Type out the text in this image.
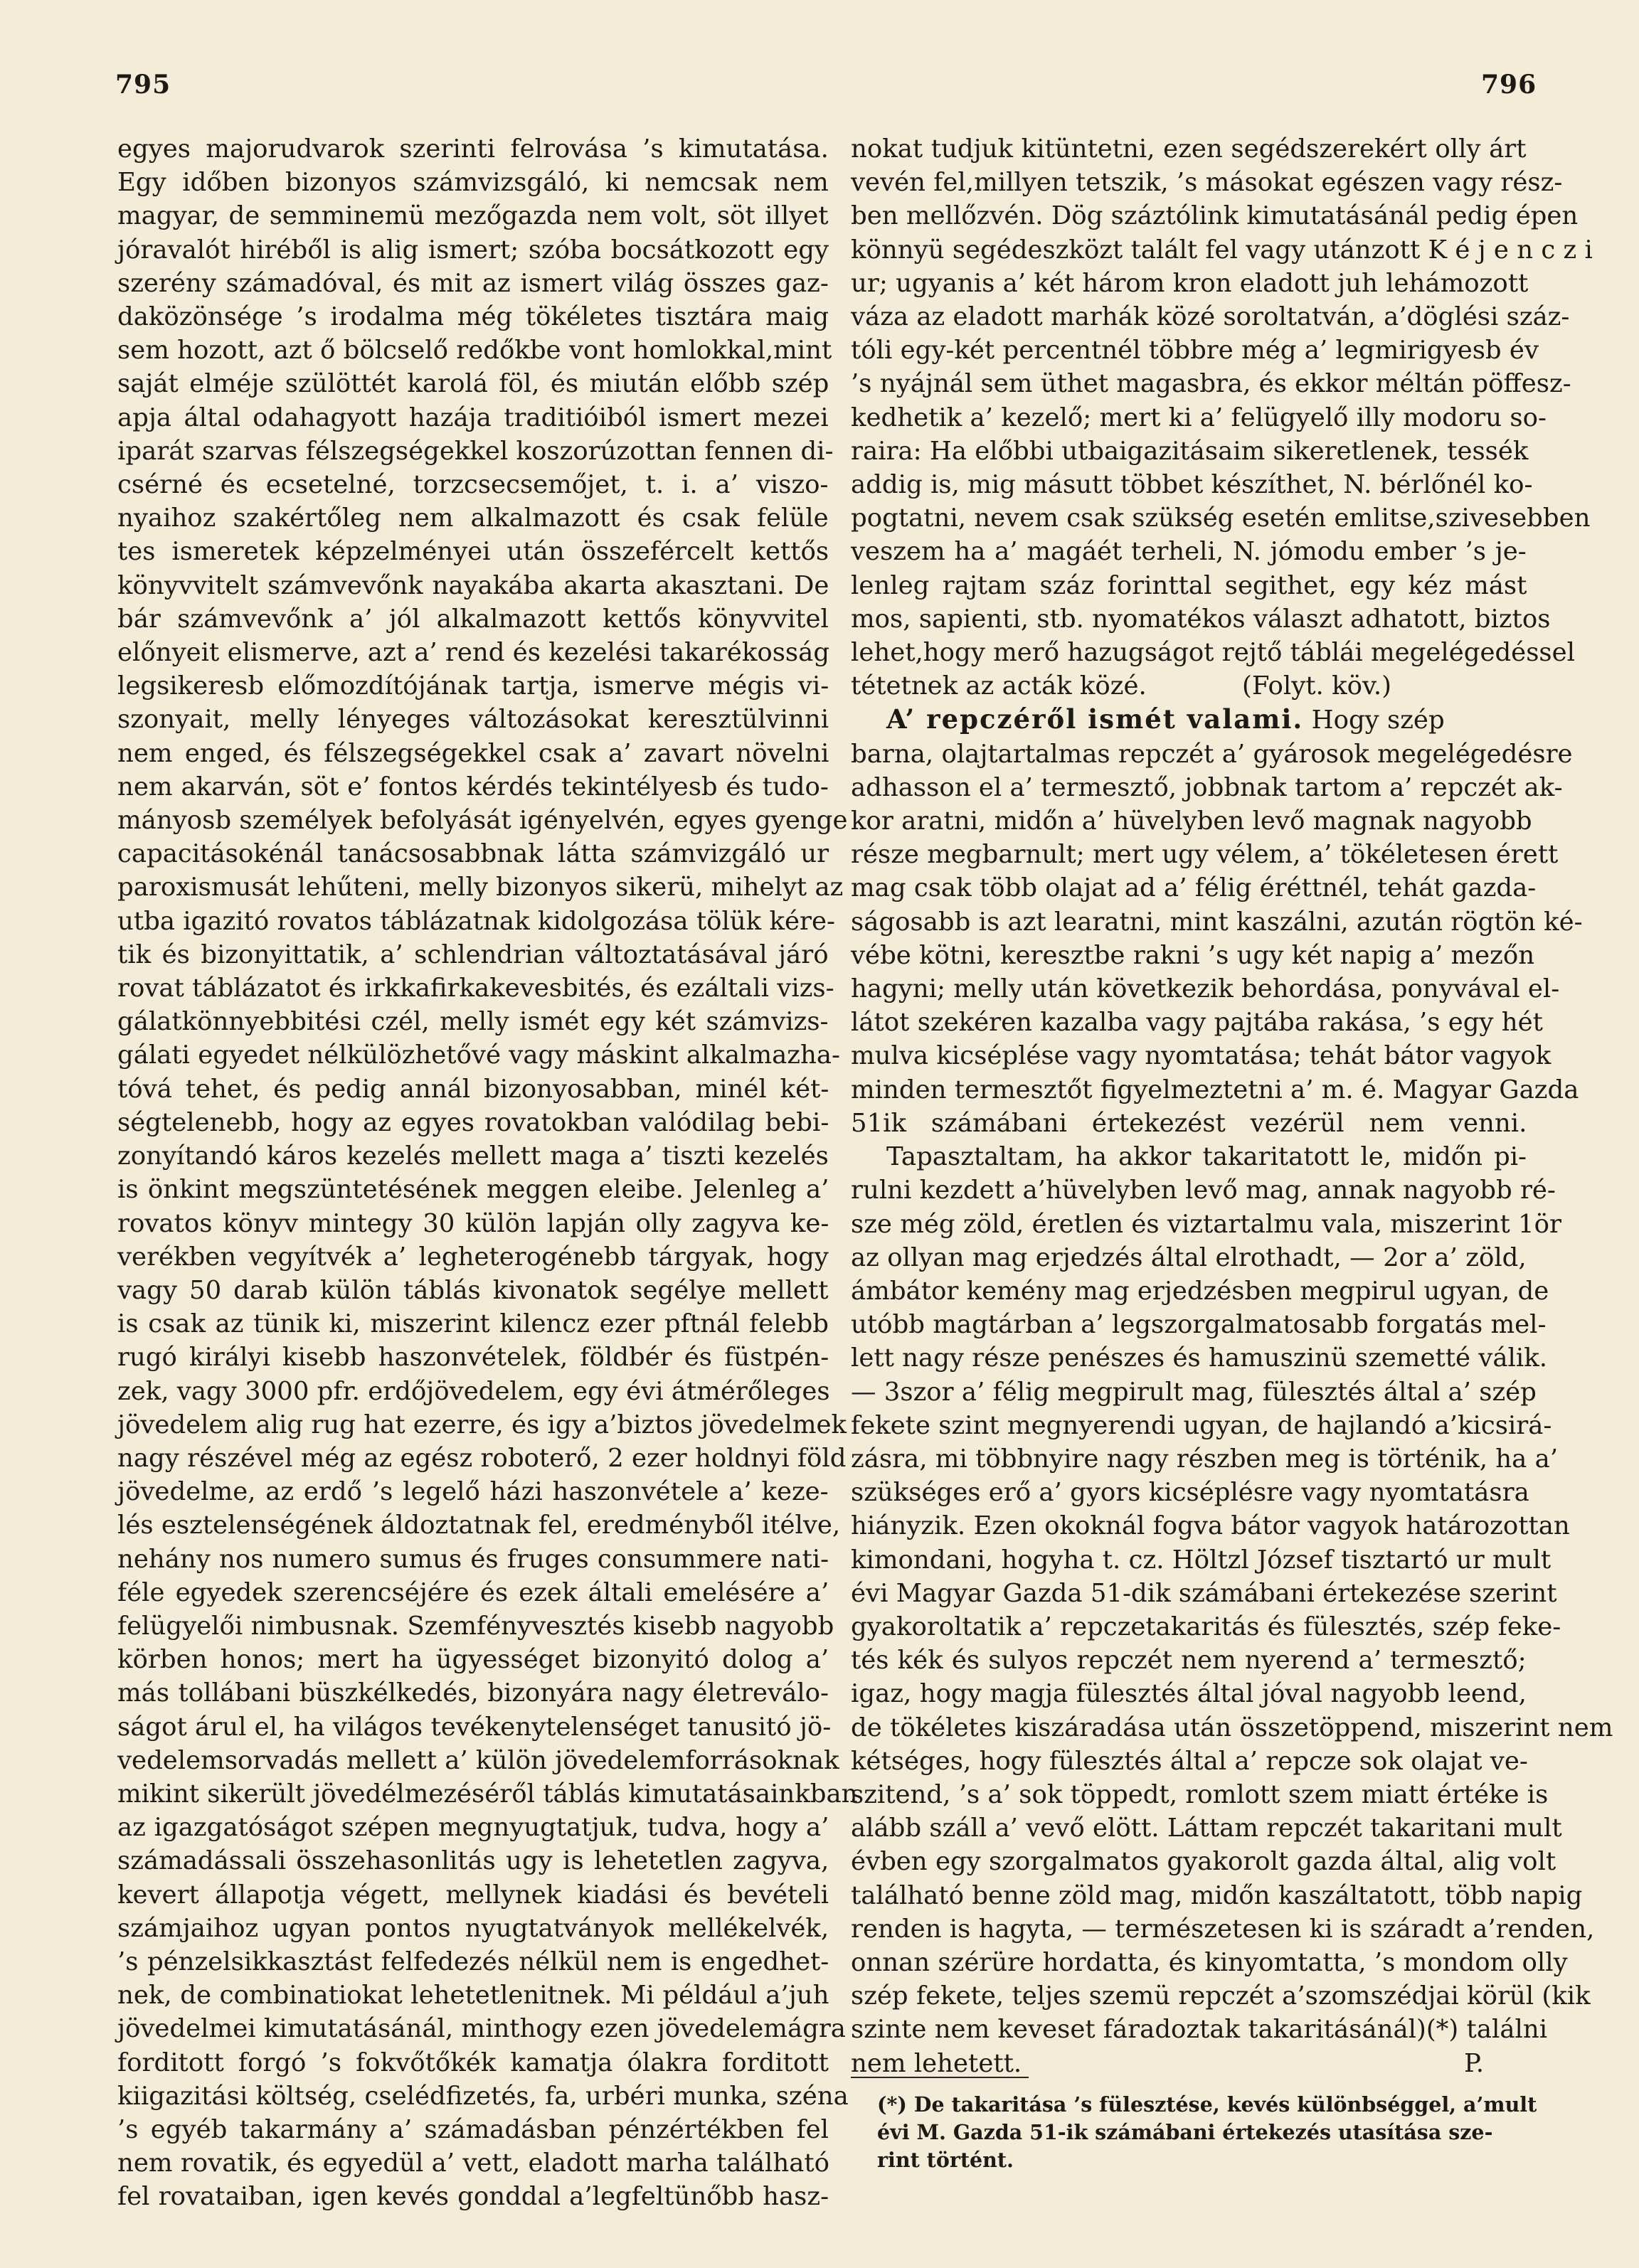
795	796
egyes majorudvarok szerinti felrovása ’s kimutatása.
Egy időben bizonyos számvizsgáló, ki nemcsak nem
magyar, de semminemü mezőgazda nem volt, söt illyet
jóravalót hiréből is alig ismert; szóba bocsátkozott egy
szerény számadóval, és mit az ismert világ összes gaz-
daközönsége ’s irodalma még tökéletes tisztára maig
sem hozott, azt ő bölcselő redőkbe vont homlokkal,mint
saját elméje szülöttét karolá föl, és miután előbb szép
apja által odahagyott hazája traditióiból ismert mezei
iparát szarvas félszegségekkel koszorúzottan fennen di-
csérné és ecsetelné, torzcsecsemőjet, t. i. a’ viszo-
nyaihoz szakértőleg nem alkalmazott és csak felüle
tes ismeretek képzelményei után összefércelt kettős
könyvvitelt számvevőnk nayakába akarta akasztani. De
bár számvevőnk a’ jól alkalmazott kettős könyvvitel
előnyeit elismerve, azt a’ rend és kezelési takarékosság
legsikeresb előmozdítójának tartja, ismerve mégis vi-
szonyait, melly lényeges változásokat keresztülvinni
nem enged, és félszegségekkel csak a’ zavart növelni
nem akarván, söt e’ fontos kérdés tekintélyesb és tudo-
mányosb személyek befolyását igényelvén, egyes gyenge
capacitásokénál tanácsosabbnak látta számvizgáló ur
paroxismusát lehűteni, melly bizonyos sikerü, mihelyt az
utba igazitó rovatos táblázatnak kidolgozása tölük kérе-
tik és bizonyittatik, a’ schlendrian változtatásával járó
rovat táblázatot és irkkafirkakevesbités, és ezáltali vizs-
gálatkönnyebbitési czél, melly ismét egy két számvizs-
gálati egyedet nélkülözhetővé vagy máskint alkalmazha-
tóvá tehet, és pedig annál bizonyosabban, minél két-
ségtelenebb, hogy az egyes rovatokban valódilag bebi-
zonyítandó káros kezelés mellett maga a’ tiszti kezelés
is önkint megszüntetésének meggen eleibe. Jelenleg a’
rovatos könyv mintegy 30 külön lapján olly zagyva ke-
verékben vegyítvék a’ legheterogénebb tárgyak, hogy
vagy 50 darab külön táblás kivonatok segélye mellett
is csak az tünik ki, miszerint kilencz ezer pftnál felebb
rugó királyi kisebb haszonvételek, földbér és füstpén-
zek, vagy 3000 pfr. erdőjövedelem, egy évi átmérőleges
jövedelem alig rug hat ezerre, és igy a’biztos jövedelmek
nagy részével még az egész roboterő, 2 ezer holdnyi föld
jövedelme, az erdő ’s legelő házi haszonvétele a’ keze-
lés esztelenségének áldoztatnak fel, eredményből itélve,
nehány nos numero sumus és fruges consummere nati-
féle egyedek szerencséjére és ezek általi emelésére a’
felügyelői nimbusnak. Szemfényvesztés kisebb nagyobb
körben honos; mert ha ügyességet bizonyitó dolog a’
más tollábani büszkélkedés, bizonyára nagy életreválo-
ságot árul el, ha világos tevékenytelenséget tanusitó jö-
vedelemsorvadás mellett a’ külön jövedelemforrásoknak
mikint sikerült jövedélmezéséről táblás kimutatásainkban
az igazgatóságot szépen megnyugtatjuk, tudva, hogy a’
számadássali összehasonlitás ugy is lehetetlen zagyva,
kevert állapotja végett, mellynek kiadási és bevételi
számjaihoz ugyan pontos nyugtatványok mellékelvék,
’s pénzelsikkasztást felfedezés nélkül nem is engedhet-
nek, de combinatiokat lehetetlenitnek. Mi például a’juh
jövedelmei kimutatásánál, minthogy ezen jövedelemágra
forditott forgó ’s fokvőtőkék kamatja ólakra forditott
kiigazitási költség, cselédfizetés, fa, urbéri munka, széna
’s egyéb takarmány a’ számadásban pénzértékben fel
nem rovatik, és egyedül a’ vett, eladott marha található
fel rovataiban, igen kevés gonddal a’legfeltünőbb hasz-
nokat tudjuk kitüntetni, ezen segédszerekért olly árt
vevén fel,millyen tetszik, ’s másokat egészen vagy rész-
ben mellőzvén. Dög száztólink kimutatásánál pedig épen
könnyü segédeszközt talált fel vagy utánzott K é j e n c z i
ur; ugyanis a’ két három kron eladott juh lehámozott
váza az eladott marhák közé soroltatván, a’döglési száz-
tóli egy-két percentnél többre még a’ legmirigyesb év
’s nyájnál sem üthet magasbra, és ekkor méltán pöffesz-
kedhetik a’ kezelő; mert ki a’ felügyelő illy modoru so-
raira: Ha előbbi utbaigazitásaim sikeretlenek, tessék
addig is, mig másutt többet készíthet, N. bérlőnél ko-
pogtatni, nevem csak szükség esetén emlitse,szivesebben
veszem ha a’ magáét terheli, N. jómodu ember ’s je-
lenleg rajtam száz forinttal segithet, egy kéz mást
mos, sapienti, stb. nyomatékos választ adhatott, biztos
lehet,hogy merő hazugságot rejtő táblái megelégedéssel
tétetnek az acták közé.	(Folyt. köv.)
A’ repczéről ismét valami. Hogy szép
barna, olajtartalmas repczét a’ gyárosok megelégedésre
adhasson el a’ termesztő, jobbnak tartom a’ repczét ak-
kor aratni, midőn a’ hüvelyben levő magnak nagyobb
része megbarnult; mert ugy vélem, a’ tökéletesen érett
mag csak több olajat ad a’ félig éréttnél, tehát gazda-
ságosabb is azt learatni, mint kaszálni, azután rögtön ké-
vébe kötni, keresztbe rakni ’s ugy két napig a’ mezőn
hagyni; melly után következik behordása, ponyvával el-
látot szekéren kazalba vagy pajtába rakása, ’s egy hét
mulva kicséplése vagy nyomtatása; tehát bátor vagyok
minden termesztőt figyelmeztetni a’ m. é. Magyar Gazda
51ik számábani értekezést vezérül nem venni.
Tapasztaltam, ha akkor takaritatott le, midőn pi-
rulni kezdett a’hüvelyben levő mag, annak nagyobb ré-
sze még zöld, éretlen és viztartalmu vala, miszerint 1ör
az ollyan mag erjedzés által elrothadt, — 2or a’ zöld,
ámbátor kemény mag erjedzésben megpirul ugyan, de
utóbb magtárban a’ legszorgalmatosabb forgatás mel-
lett nagy része penészes és hamuszinü szemetté válik.
— 3szor a’ félig megpirult mag, fülesztés által a’ szép
fekete szint megnyerendi ugyan, de hajlandó a’kicsirá-
zásra, mi többnyire nagy részben meg is történik, ha a’
szükséges erő a’ gyors kicséplésre vagy nyomtatásra
hiányzik. Ezen okoknál fogva bátor vagyok határozottan
kimondani, hogyha t. cz. Höltzl József tisztartó ur mult
évi Magyar Gazda 51-dik számábani értekezése szerint
gyakoroltatik a’ repczetakaritás és fülesztés, szép feke-
tés kék és sulyos repczét nem nyerend a’ termesztő;
igaz, hogy magja fülesztés által jóval nagyobb leend,
de tökéletes kiszáradása után összetöppend, miszerint nem
kétséges, hogy fülesztés által a’ repcze sok olajat ve-
szitend, ’s a’ sok töppedt, romlott szem miatt értéke is
alább száll a’ vevő elött. Láttam repczét takaritani mult
évben egy szorgalmatos gyakorolt gazda által, alig volt
található benne zöld mag, midőn kaszáltatott, több napig
renden is hagyta, — természetesen ki is száradt a’renden,
onnan szérüre hordatta, és kinyomtatta, ’s mondom olly
szép fekete, teljes szemü repczét a’szomszédjai körül (kik
szinte nem keveset fáradoztak takaritásánál)(*) találni
nem lehetett.	P.
(*) De takaritása ’s fülesztése, kevés különbséggel, a’mult
évi M. Gazda 51-ik számábani értekezés utasítása sze-
rint történt.
